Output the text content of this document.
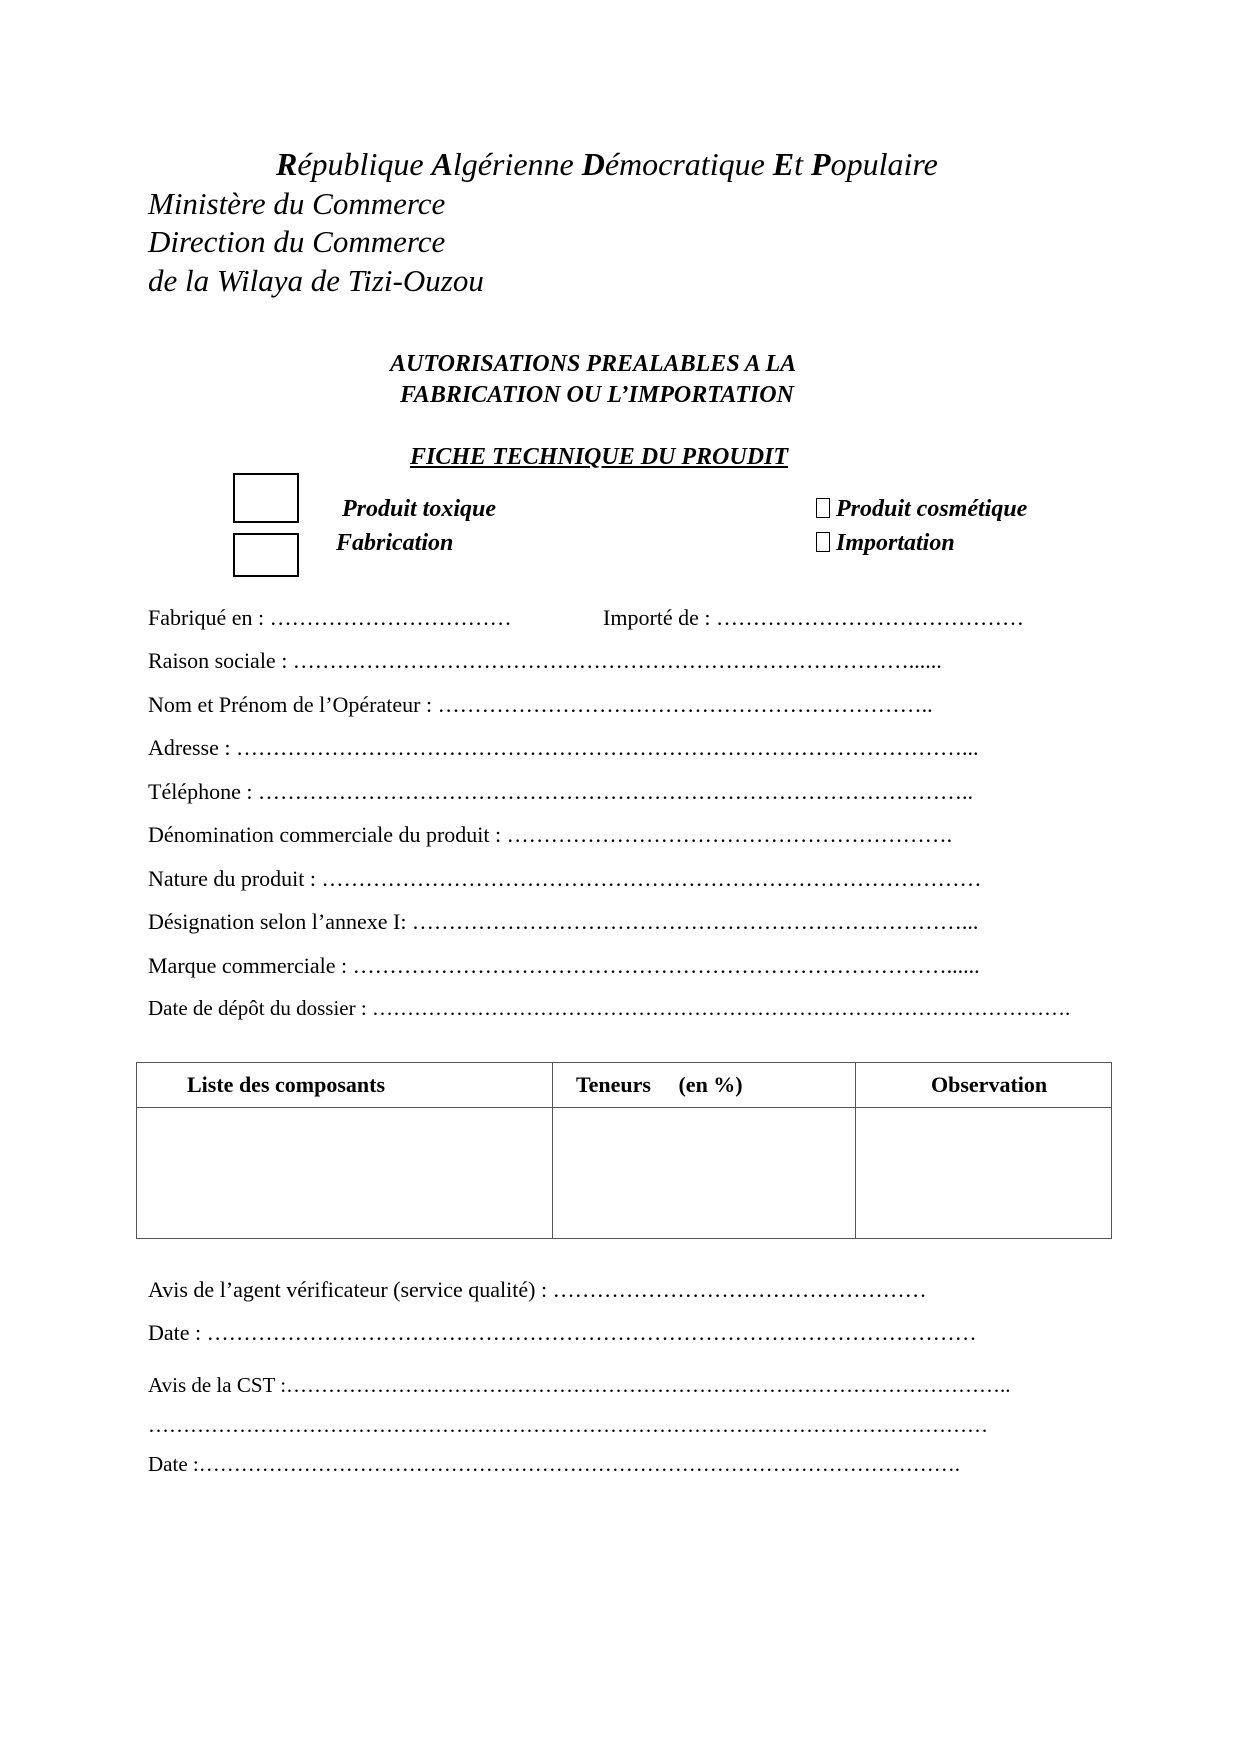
République Algérienne Démocratique Et Populaire
Ministère du Commerce
Direction du Commerce
de la Wilaya de Tizi-Ouzou
AUTORISATIONS PREALABLES A LA
FABRICATION OU L’IMPORTATION
FICHE TECHNIQUE DU PROUDIT
Produit toxique
Fabrication
Produit cosmétique
Importation
Fabriqué en : ……………………………	Importé de : ……………………………………
Raison sociale : …………………………………………………………………………......
Nom et Prénom de l’Opérateur : …………………………………………………………..
Adresse : ………………………………………………………………………………………...
Téléphone : ……………………………………………………………………………………..
Dénomination commerciale du produit : …………………………………………………….
Nature du produit : ………………………………………………………………………………
Désignation selon l’annexe I: …………………………………………………………………...
Marque commerciale : ………………………………………………………………………......
Date de dépôt du dossier : ……………………………………………………………………………………….
Liste des composants	Teneurs     (en %)	Observation

Avis de l’agent vérificateur (service qualité) : ……………………………………………
Date : ……………………………………………………………………………………………
Avis de la CST :…………………………………………………………………………………………..
…………………………………………………………………………………………………………
Date :……………………………………………………………………………………………….
